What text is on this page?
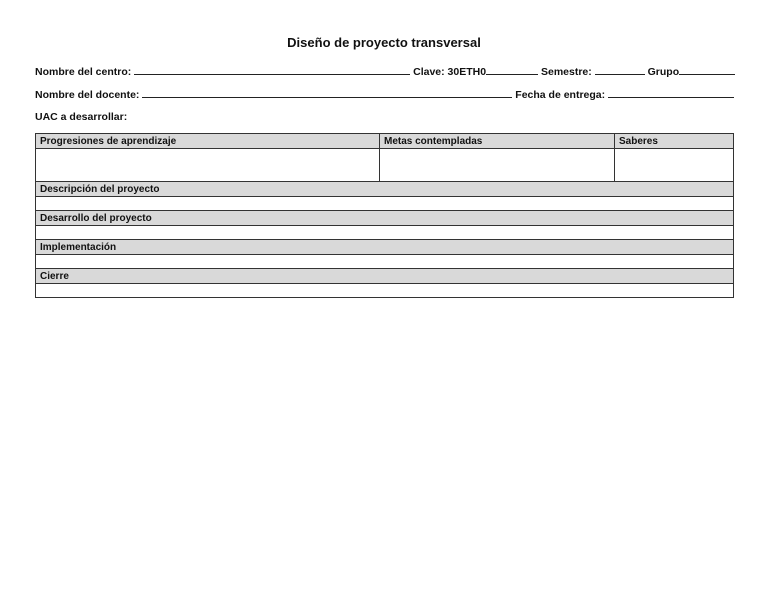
Diseño de proyecto transversal
Nombre del centro:	Clave: 30ETH0	Semestre:	Grupo
Nombre del docente:	Fecha de entrega:
UAC a desarrollar:
Progresiones de aprendizaje	Metas contempladas	Saberes

Descripción del proyecto		

Desarrollo del proyecto		

Implementación		

Cierre		
